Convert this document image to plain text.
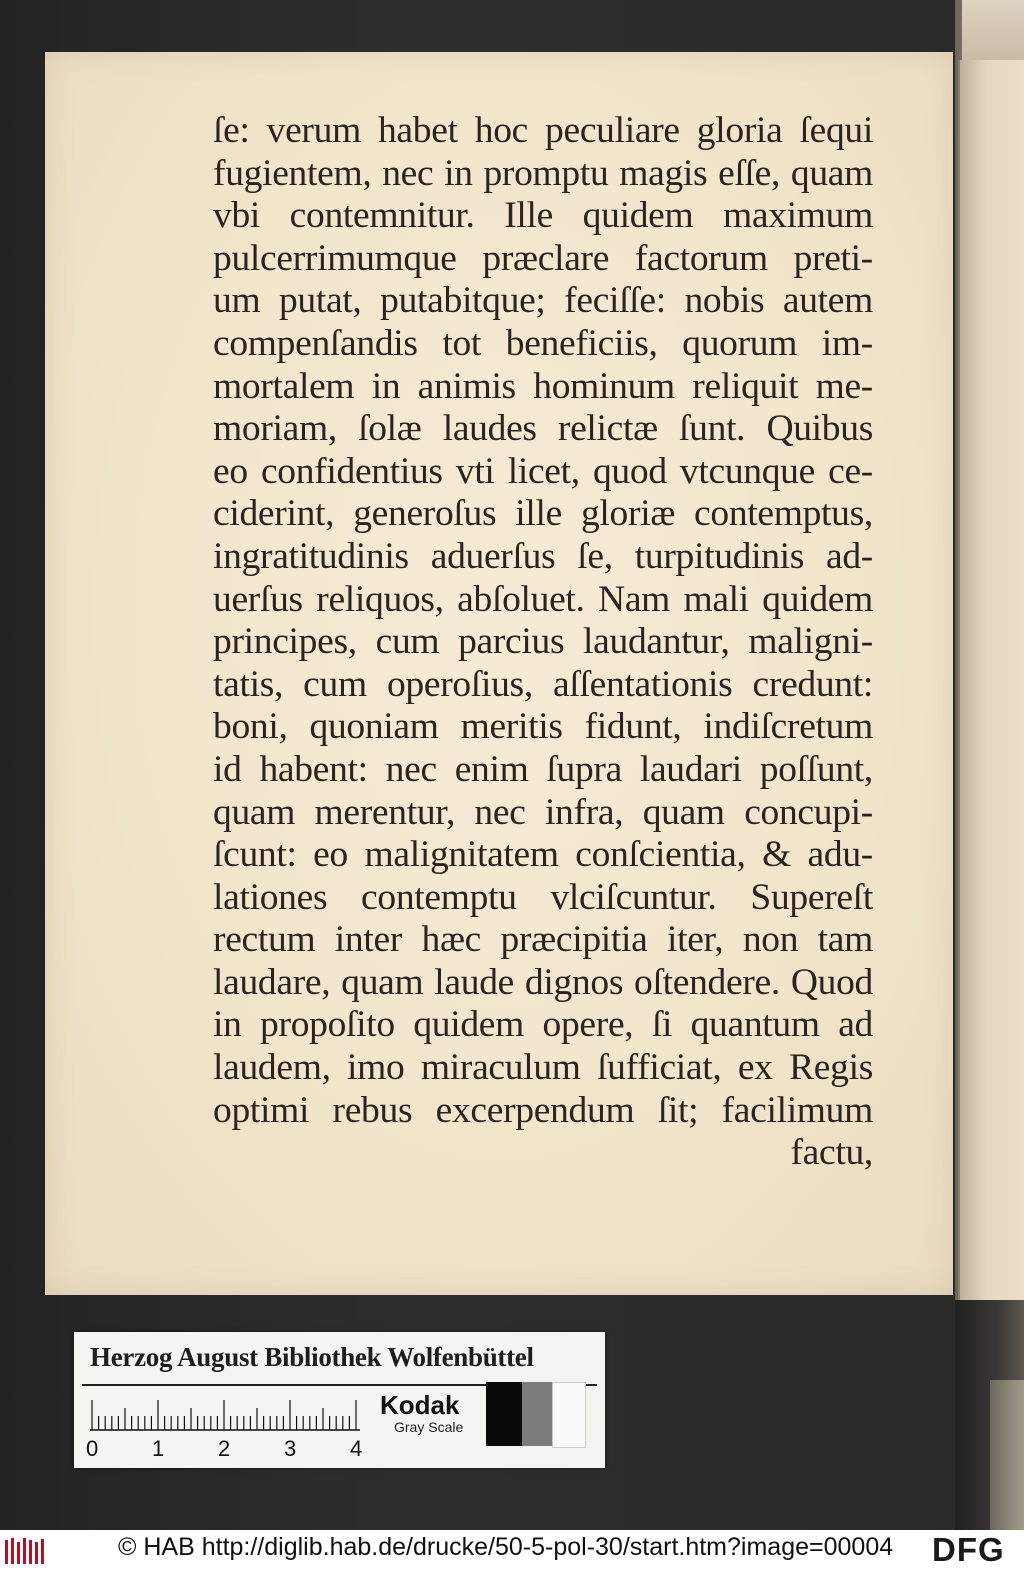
ſe: verum habet hoc peculiare gloria ſequi
fugientem, nec in promptu magis eſſe, quam
vbi contemnitur. Ille quidem maximum
pulcerrimumque præclare factorum preti-
um putat, putabitque; feciſſe: nobis autem
compenſandis tot beneficiis, quorum im-
mortalem in animis hominum reliquit me-
moriam, ſolæ laudes relictæ ſunt. Quibus
eo confidentius vti licet, quod vtcunque ce-
ciderint, generoſus ille gloriæ contemptus,
ingratitudinis aduerſus ſe, turpitudinis ad-
uerſus reliquos, abſoluet. Nam mali quidem
principes, cum parcius laudantur, maligni-
tatis, cum operoſius, aſſentationis credunt:
boni, quoniam meritis fidunt, indiſcretum
id habent: nec enim ſupra laudari poſſunt,
quam merentur, nec infra, quam concupi-
ſcunt: eo malignitatem conſcientia, & adu-
lationes contemptu vlciſcuntur. Supereſt
rectum inter hæc præcipitia iter, non tam
laudare, quam laude dignos oſtendere. Quod
in propoſito quidem opere, ſi quantum ad
laudem, imo miraculum ſufficiat, ex Regis
optimi rebus excerpendum ſit; facilimum
factu,
Herzog August Bibliothek Wolfenbüttel
0 1 2 3 4
Kodak
Gray Scale
© HAB http://diglib.hab.de/drucke/50-5-pol-30/start.htm?image=00004 DFG
